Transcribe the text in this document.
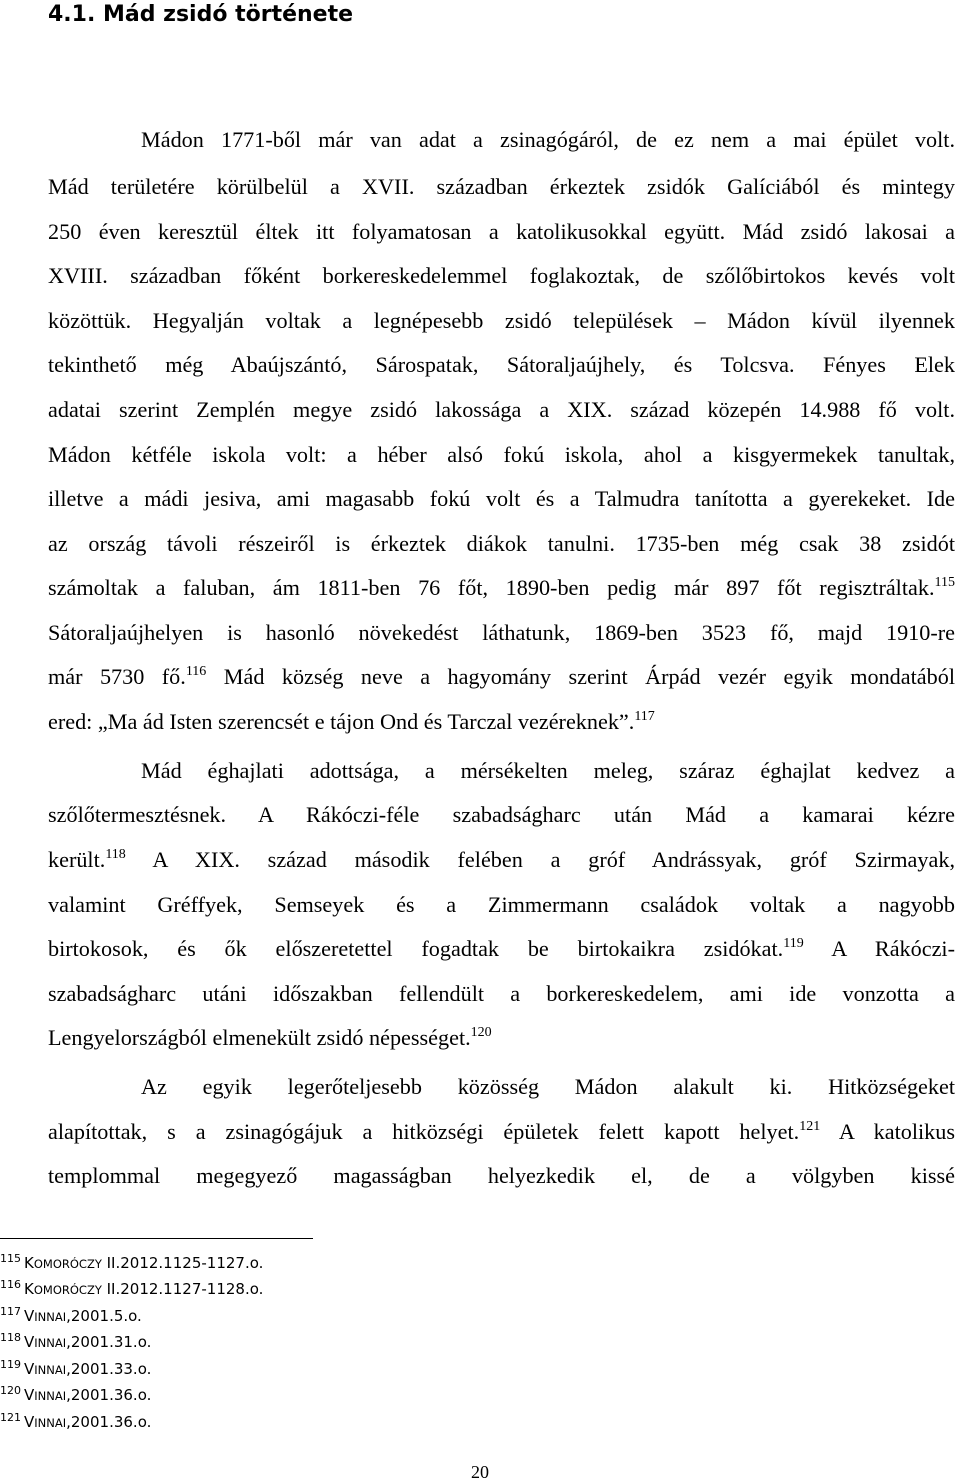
4.1. Mád zsidó története
Mádon 1771-ből már van adat a zsinagógáról, de ez nem a mai épület volt.
Mád területére körülbelül a XVII. században érkeztek zsidók Galíciából és mintegy
250 éven keresztül éltek itt folyamatosan a katolikusokkal együtt. Mád zsidó lakosai a
XVIII. században főként borkereskedelemmel foglakoztak, de szőlőbirtokos kevés volt
közöttük. Hegyalján voltak a legnépesebb zsidó települések – Mádon kívül ilyennek
tekinthető még Abaújszántó, Sárospatak, Sátoraljaújhely, és Tolcsva. Fényes Elek
adatai szerint Zemplén megye zsidó lakossága a XIX. század közepén 14.988 fő volt.
Mádon kétféle iskola volt: a héber alsó fokú iskola, ahol a kisgyermekek tanultak,
illetve a mádi jesiva, ami magasabb fokú volt és a Talmudra tanította a gyerekeket. Ide
az ország távoli részeiről is érkeztek diákok tanulni. 1735-ben még csak 38 zsidót
számoltak a faluban, ám 1811-ben 76 főt, 1890-ben pedig már 897 főt regisztráltak.$^{115}$
Sátoraljaújhelyen is hasonló növekedést láthatunk, 1869-ben 3523 fő, majd 1910-re
már 5730 fő.$^{116}$ Mád község neve a hagyomány szerint Árpád vezér egyik mondatából
ered: „Ma ád Isten szerencsét e tájon Ond és Tarczal vezéreknek”.$^{117}$
Mád éghajlati adottsága, a mérsékelten meleg, száraz éghajlat kedvez a
szőlőtermesztésnek. A Rákóczi-féle szabadságharc után Mád a kamarai kézre
került.$^{118}$ A XIX. század második felében a gróf Andrássyak, gróf Szirmayak,
valamint Gréffyek, Semseyek és a Zimmermann családok voltak a nagyobb
birtokosok, és ők előszeretettel fogadtak be birtokaikra zsidókat.$^{119}$ A Rákóczi-
szabadságharc utáni időszakban fellendült a borkereskedelem, ami ide vonzotta a
Lengyelországból elmenekült zsidó népességet.$^{120}$
Az egyik legerőteljesebb közösség Mádon alakult ki. Hitközségeket
alapítottak, s a zsinagógájuk a hitközségi épületek felett kapott helyet.$^{121}$ A katolikus
templommal megegyező magasságban helyezkedik el, de a völgyben kissé
$^{115}$ KOMORÓCZY II.2012.1125-1127.o.
$^{116}$ KOMORÓCZY II.2012.1127-1128.o.
$^{117}$ VINNAI,2001.5.o.
$^{118}$ VINNAI,2001.31.o.
$^{119}$ VINNAI,2001.33.o.
$^{120}$ VINNAI,2001.36.o.
$^{121}$ VINNAI,2001.36.o.
20
